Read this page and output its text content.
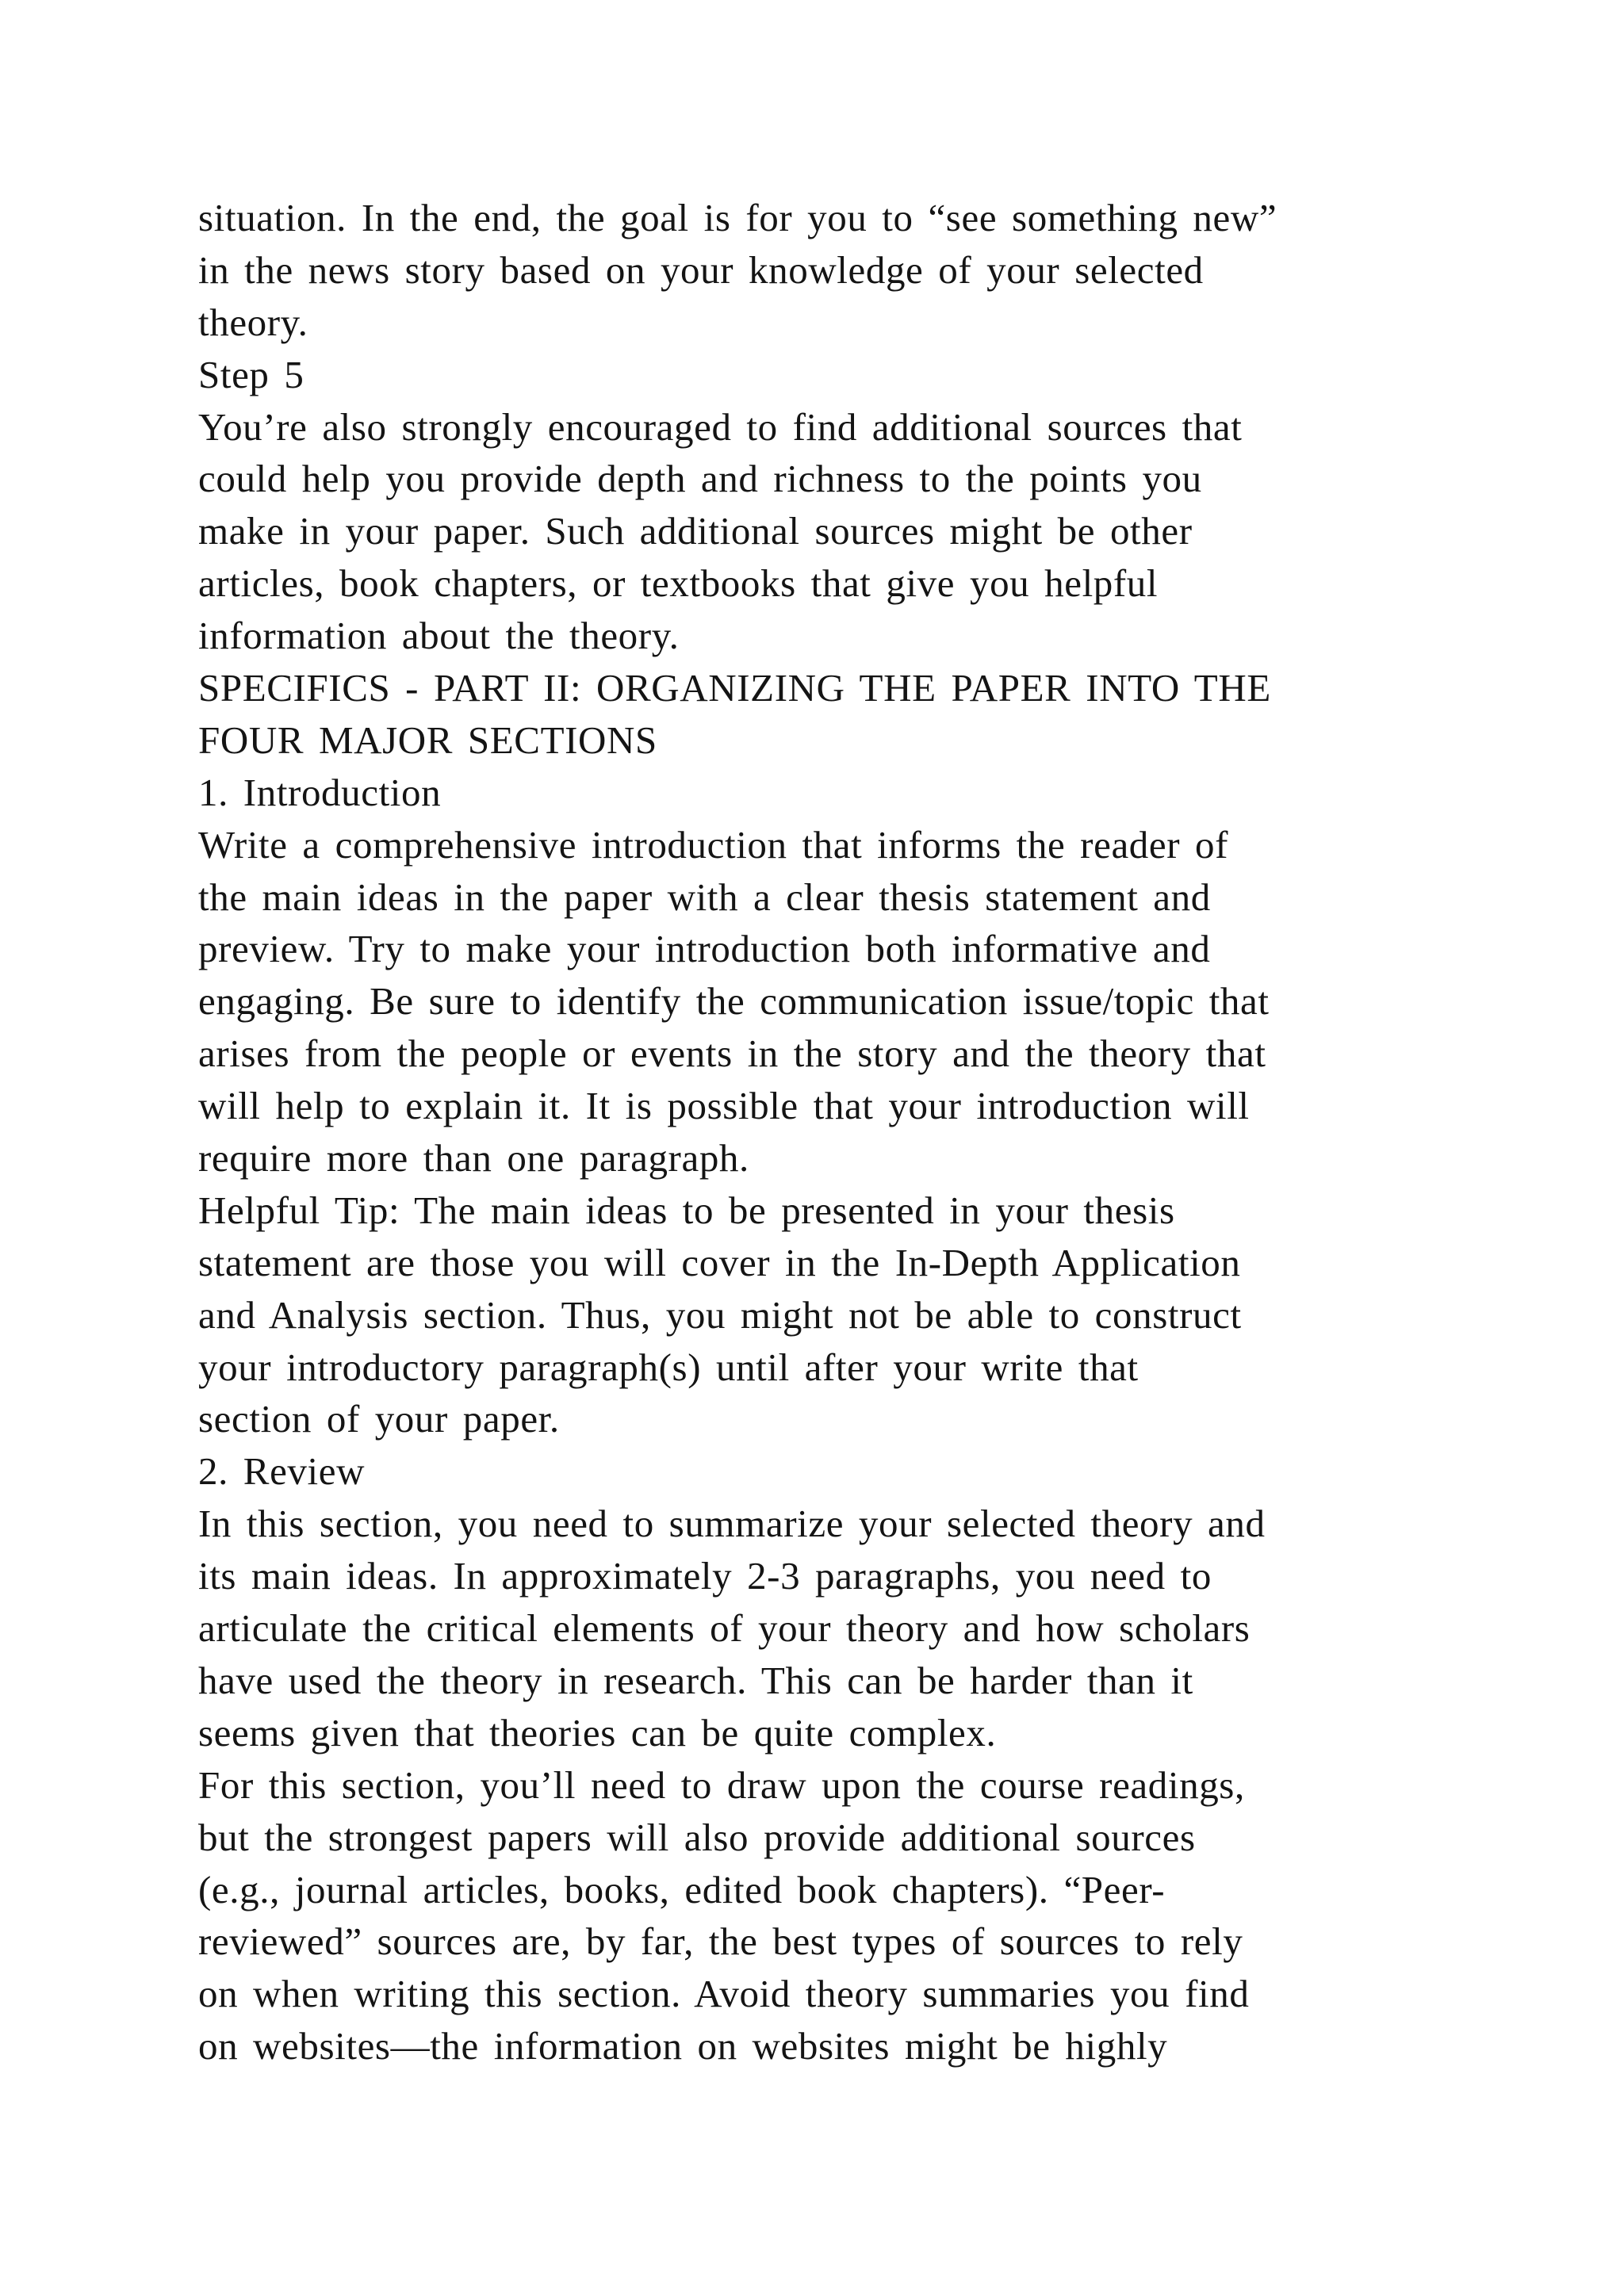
situation. In the end, the goal is for you to “see something new”
in the news story based on your knowledge of your selected
theory.
Step 5
You’re also strongly encouraged to find additional sources that
could help you provide depth and richness to the points you
make in your paper. Such additional sources might be other
articles, book chapters, or textbooks that give you helpful
information about the theory.
SPECIFICS - PART II: ORGANIZING THE PAPER INTO THE
FOUR MAJOR SECTIONS
1. Introduction
Write a comprehensive introduction that informs the reader of
the main ideas in the paper with a clear thesis statement and
preview. Try to make your introduction both informative and
engaging. Be sure to identify the communication issue/topic that
arises from the people or events in the story and the theory that
will help to explain it. It is possible that your introduction will
require more than one paragraph.
Helpful Tip: The main ideas to be presented in your thesis
statement are those you will cover in the In-Depth Application
and Analysis section. Thus, you might not be able to construct
your introductory paragraph(s) until after your write that
section of your paper.
2. Review
In this section, you need to summarize your selected theory and
its main ideas. In approximately 2-3 paragraphs, you need to
articulate the critical elements of your theory and how scholars
have used the theory in research. This can be harder than it
seems given that theories can be quite complex.
For this section, you’ll need to draw upon the course readings,
but the strongest papers will also provide additional sources
(e.g., journal articles, books, edited book chapters). “Peer-
reviewed” sources are, by far, the best types of sources to rely
on when writing this section. Avoid theory summaries you find
on websites—the information on websites might be highly
